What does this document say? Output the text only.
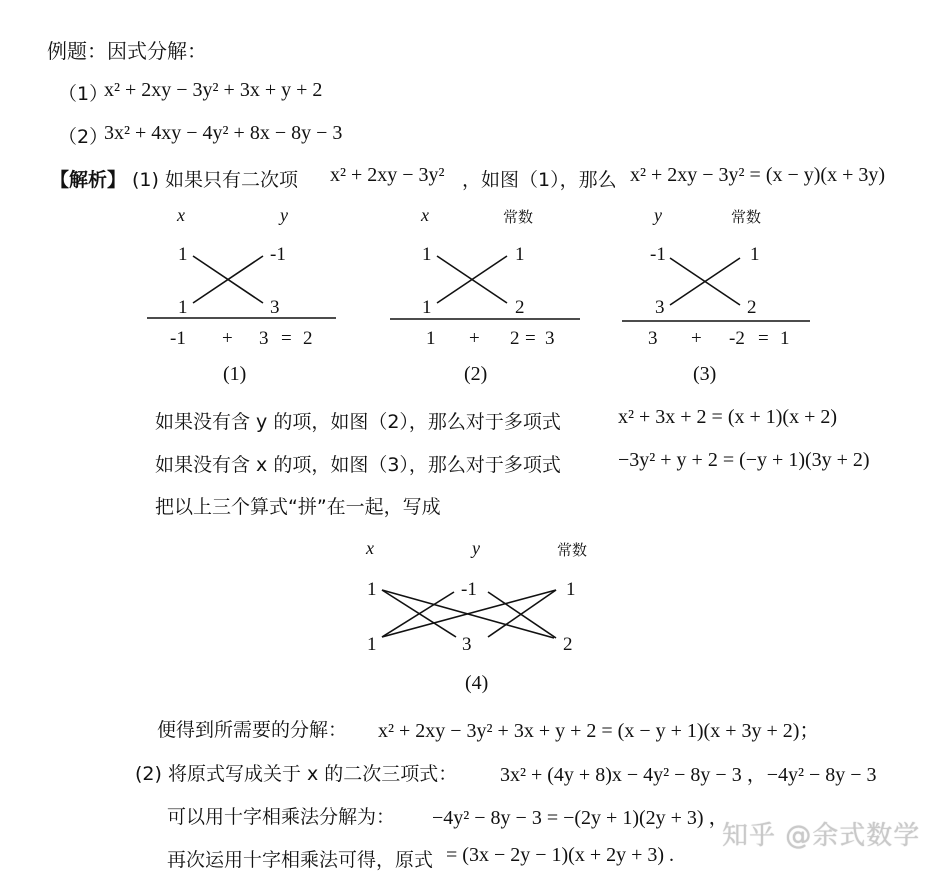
例题：因式分解：
（1）
x² + 2xy − 3y² + 3x + y + 2
（2）
3x² + 4xy − 4y² + 8x − 8y − 3
【解析】 (1) 如果只有二次项 x² + 2xy − 3y² ，如图（1），那么 x² + 2xy − 3y² = (x − y)(x + 3y)
x	y
1	-1
1	3
-1 + 3 = 2
(1)
x	常数
1	1
1	2
1 + 2 = 3
(2)
y	常数
-1	1
3	2
3 + -2 = 1
(3)
如果没有含 y 的项，如图（2），那么对于多项式	x² + 3x + 2 = (x + 1)(x + 2)
如果没有含 x 的项，如图（3），那么对于多项式	−3y² + y + 2 = (−y + 1)(3y + 2)
把以上三个算式“拼”在一起，写成
x	y	常数
1	-1	1
1	3	2
(4)
便得到所需要的分解： x² + 2xy − 3y² + 3x + y + 2 = (x − y + 1)(x + 3y + 2)；
(2) 将原式写成关于 x 的二次三项式： 3x² + (4y + 8)x − 4y² − 8y − 3 ，−4y² − 8y − 3
可以用十字相乘法分解为： −4y² − 8y − 3 = −(2y + 1)(2y + 3) ，
再次运用十字相乘法可得，原式 = (3x − 2y − 1)(x + 2y + 3) .
知乎 @余式数学
